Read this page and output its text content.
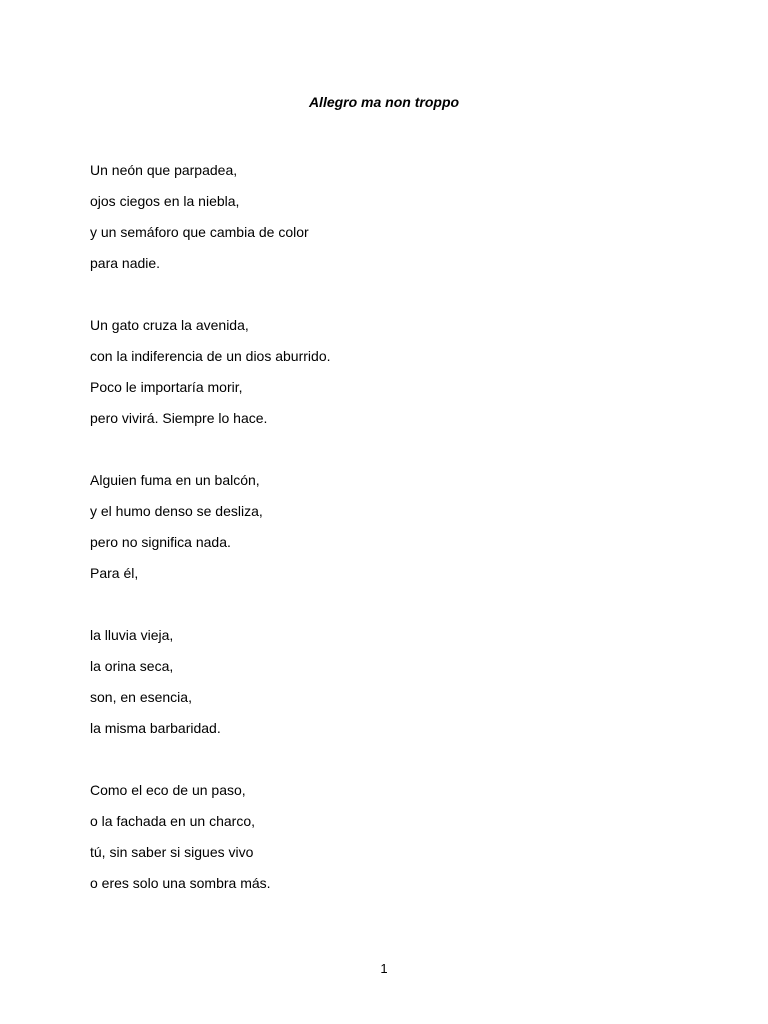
Allegro ma non troppo
Un neón que parpadea,
ojos ciegos en la niebla,
y un semáforo que cambia de color
para nadie.
Un gato cruza la avenida,
con la indiferencia de un dios aburrido.
Poco le importaría morir,
pero vivirá. Siempre lo hace.
Alguien fuma en un balcón,
y el humo denso se desliza,
pero no significa nada.
Para él,
la lluvia vieja,
la orina seca,
son, en esencia,
la misma barbaridad.
Como el eco de un paso,
o la fachada en un charco,
tú, sin saber si sigues vivo
o eres solo una sombra más.
1
